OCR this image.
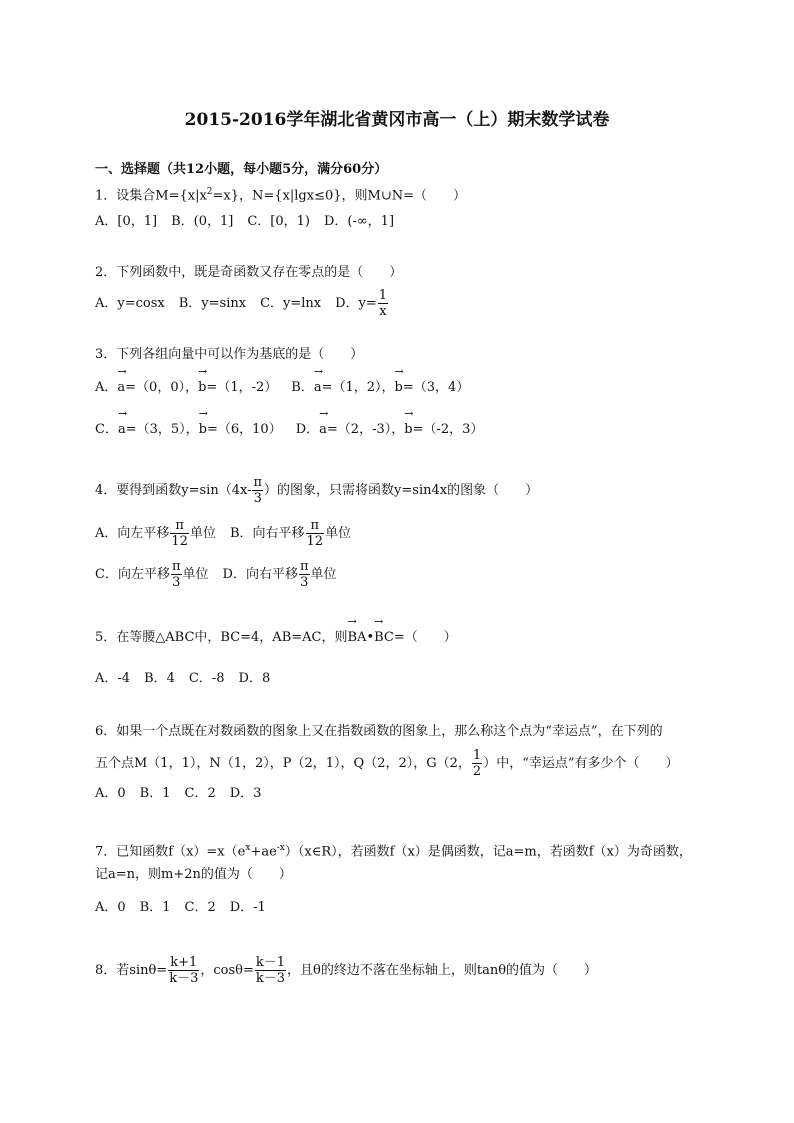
2015-2016学年湖北省黄冈市高一（上）期末数学试卷
一、选择题（共12小题，每小题5分，满分60分）
1．设集合$M=\{x|x^2=x\}$，N={x|lgx≤0}，则M∪N=（　　）
A．[0，1] B．(0，1] C．[0，1) D．(-∞，1]
2．下列函数中，既是奇函数又存在零点的是（　　）
A．y=cosx B．y=sinx C．y=lnx D．$y= \frac{1}{x}$
3．下列各组向量中可以作为基底的是（　　）
A．→ a=（0，0），→ b=（1，-2） B．→ a=（1，2），→ b=（3，4）
C．→ a=（3，5），→ b=（6，10） D．→ a=（2，-3），→ b=（-2，3）
4．要得到函数$y=\sin(4x- \frac{\pi}{3}$ ）的图象，只需将函数y=sin4x的图象（　　）
A．向左平移 $\frac{\pi}{12}$ 单位 B．向右平移 $\frac{\pi}{12}$ 单位
C．向左平移 $\frac{\pi}{3}$ 单位 D．向右平移 $\frac{\pi}{3}$ 单位
5．在等腰△ABC中，BC=4，AB=AC，则→ BA•→ BC=（　　）
A．-4 B．4 C．-8 D．8
6．如果一个点既在对数函数的图象上又在指数函数的图象上，那么称这个点为“幸运点”，在下列的
五个点M（1，1），N（1，2），P（2，1），Q（2，2），G（2， $\frac{1}{2}$ ）中，“幸运点”有多少个（　　）
A．0 B．1 C．2 D．3
7．已知函数$f(x)=x(e^x+ae^{-x})(x\in R)$，若函数f（x）是偶函数，记a=m，若函数f（x）为奇函数，
记a=n，则m+2n的值为（　　）
A．0 B．1 C．2 D．-1
8．若$\sin\theta= \frac{k+1}{k-3}$ ，$\cos\theta= \frac{k-1}{k-3}$ ，且θ的终边不落在坐标轴上，则tanθ的值为（　　）
